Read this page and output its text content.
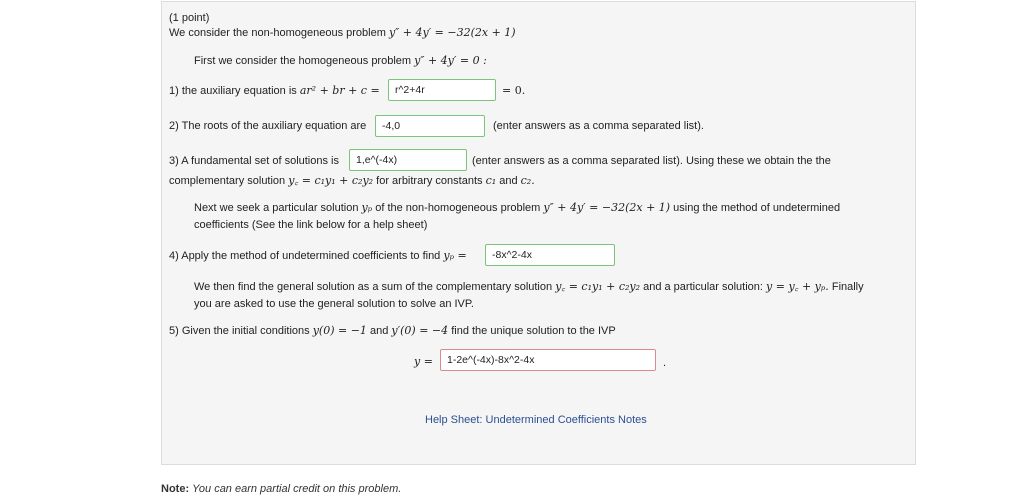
(1 point)
We consider the non-homogeneous problem y″ + 4y′ = −32(2x + 1)
First we consider the homogeneous problem y″ + 4y′ = 0 :
1) the auxiliary equation is ar² + br + c =	r^2+4r	= 0.
2) The roots of the auxiliary equation are	-4,0	(enter answers as a comma separated list).
3) A fundamental set of solutions is	1,e^(-4x)	(enter answers as a comma separated list). Using these we obtain the the
complementary solution y꜀ = c₁y₁ + c₂y₂ for arbitrary constants c₁ and c₂.
Next we seek a particular solution yₚ of the non-homogeneous problem y″ + 4y′ = −32(2x + 1) using the method of undetermined
coefficients (See the link below for a help sheet)
4) Apply the method of undetermined coefficients to find yₚ =	-8x^2-4x
We then find the general solution as a sum of the complementary solution y꜀ = c₁y₁ + c₂y₂ and a particular solution: y = y꜀ + yₚ. Finally
you are asked to use the general solution to solve an IVP.
5) Given the initial conditions y(0) = −1 and y′(0) = −4 find the unique solution to the IVP
y =	1-2e^(-4x)-8x^2-4x	.
Help Sheet: Undetermined Coefficients Notes
Note: You can earn partial credit on this problem.
